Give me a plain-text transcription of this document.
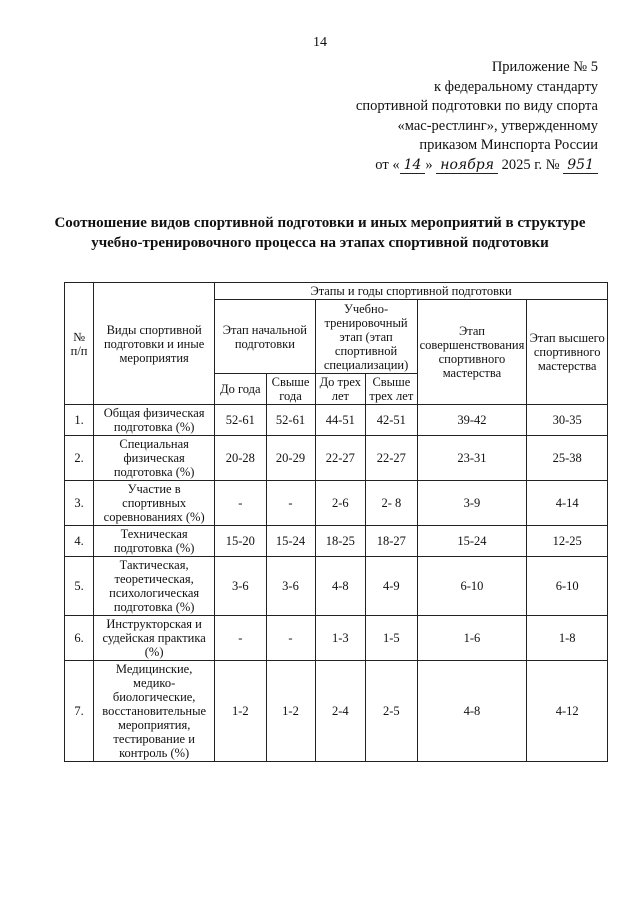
14
Приложение № 5
к федеральному стандарту
спортивной подготовки по виду спорта
«мас-рестлинг», утвержденному
приказом Минспорта России
от « 14 » ноября 2025 г. № 951
Соотношение видов спортивной подготовки и иных мероприятий в структуре
учебно-тренировочного процесса на этапах спортивной подготовки
№ п/п	Виды спортивной подготовки и иные мероприятия	Этапы и годы спортивной подготовки					
		Этап начальной подготовки		Учебно-тренировочный этап (этап спортивной специализации)		Этап совершенствования спортивного мастерства	Этап высшего спортивного мастерства
		До года	Свыше года	До трех лет	Свыше трех лет		
1.	Общая физическая подготовка (%)	52-61	52-61	44-51	42-51	39-42	30-35
2.	Специальная физическая подготовка (%)	20-28	20-29	22-27	22-27	23-31	25-38
3.	Участие в спортивных соревнованиях (%)	-	-	2-6	2- 8	3-9	4-14
4.	Техническая подготовка (%)	15-20	15-24	18-25	18-27	15-24	12-25
5.	Тактическая, теоретическая, психологическая подготовка (%)	3-6	3-6	4-8	4-9	6-10	6-10
6.	Инструкторская и судейская практика (%)	-	-	1-3	1-5	1-6	1-8
7.	Медицинские, медико-биологические, восстановительные мероприятия, тестирование и контроль (%)	1-2	1-2	2-4	2-5	4-8	4-12
